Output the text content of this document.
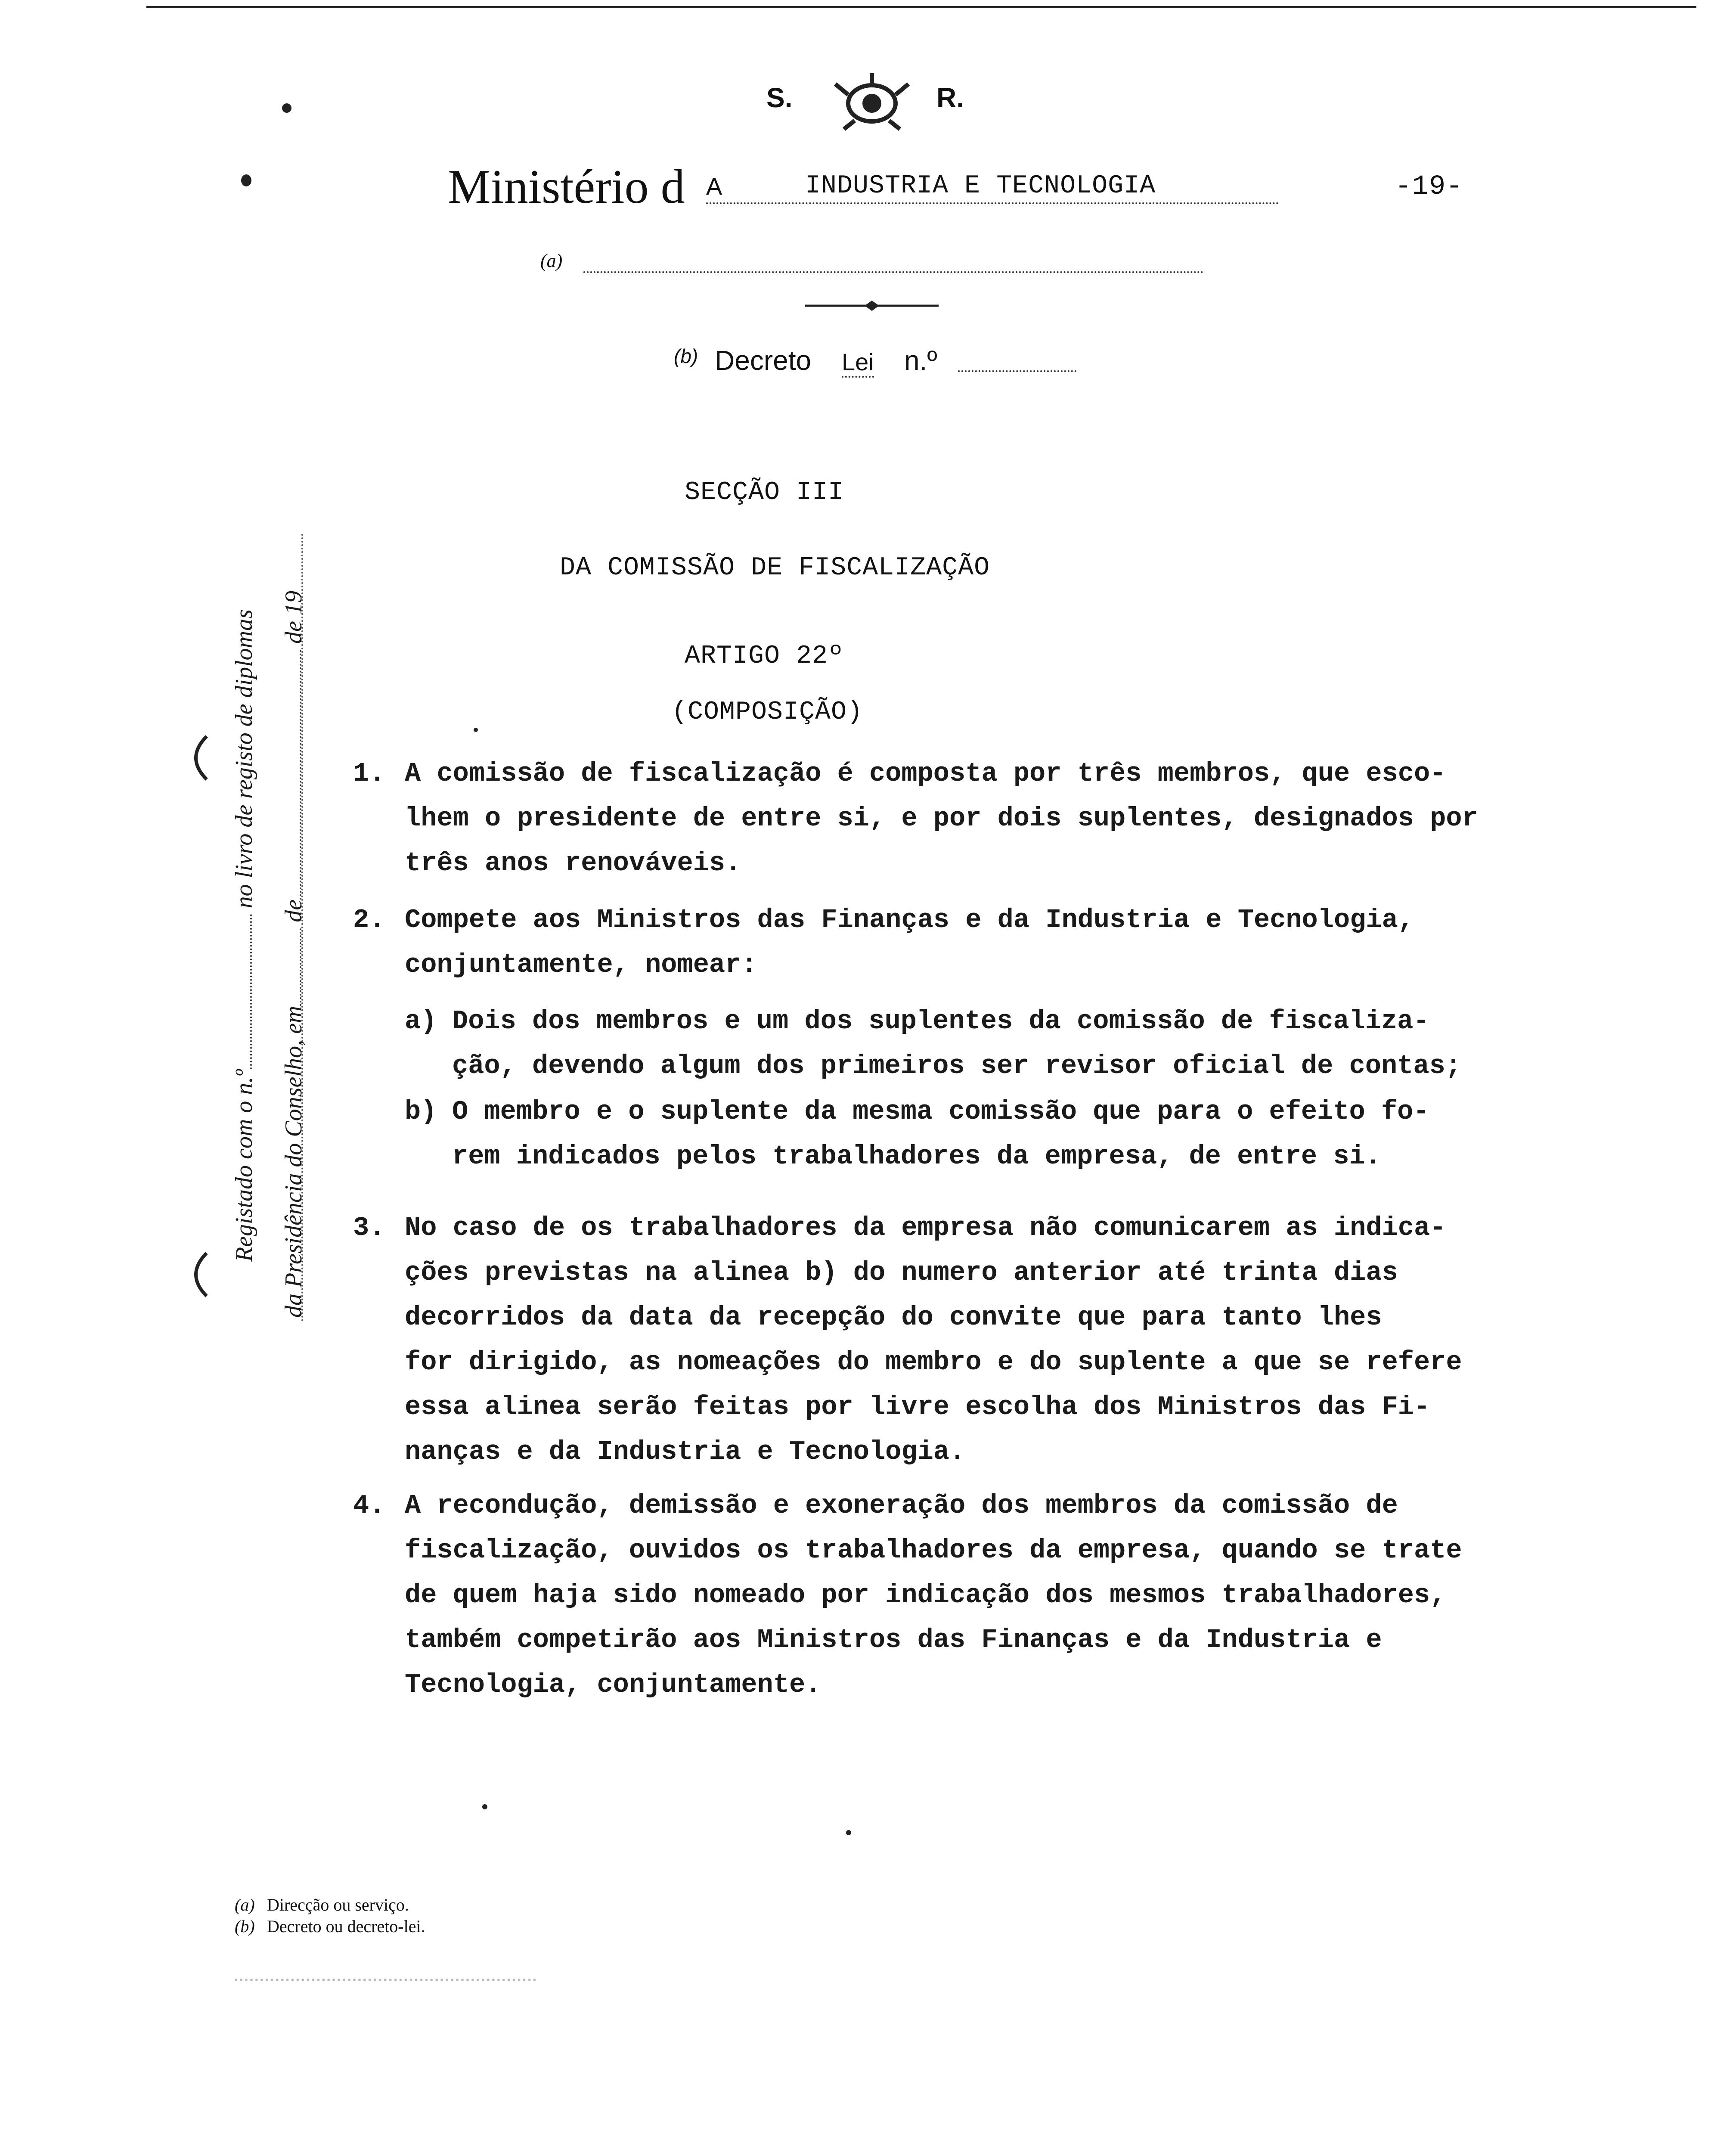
S.	R.
Ministério d A	INDUSTRIA E TECNOLOGIA	-19-
(a)
(b) Decreto Lei n.º
SECÇÃO III
DA COMISSÃO DE FISCALIZAÇÃO
ARTIGO 22º
(COMPOSIÇÃO)
1. A comissão de fiscalização é composta por três membros, que esco-

lhem o presidente de entre si, e por dois suplentes, designados por

três anos renováveis.

2. Compete aos Ministros das Finanças e da Industria e Tecnologia,

conjuntamente, nomear:

a) Dois dos membros e um dos suplentes da comissão de fiscaliza-

ção, devendo algum dos primeiros ser revisor oficial de contas;

b) O membro e o suplente da mesma comissão que para o efeito fo-

rem indicados pelos trabalhadores da empresa, de entre si.

3. No caso de os trabalhadores da empresa não comunicarem as indica-

ções previstas na alinea b) do numero anterior até trinta dias

decorridos da data da recepção do convite que para tanto lhes

for dirigido, as nomeações do membro e do suplente a que se refere

essa alinea serão feitas por livre escolha dos Ministros das Fi-

nanças e da Industria e Tecnologia.

4. A recondução, demissão e exoneração dos membros da comissão de

fiscalização, ouvidos os trabalhadores da empresa, quando se trate

de quem haja sido nomeado por indicação dos mesmos trabalhadores,

também competirão aos Ministros das Finanças e da Industria e

Tecnologia, conjuntamente.

Registado com o n.º no livro de registo de diplomas
da Presidência do Conselho, em de de 19
(a) Direcção ou serviço.
(b) Decreto ou decreto-lei.
